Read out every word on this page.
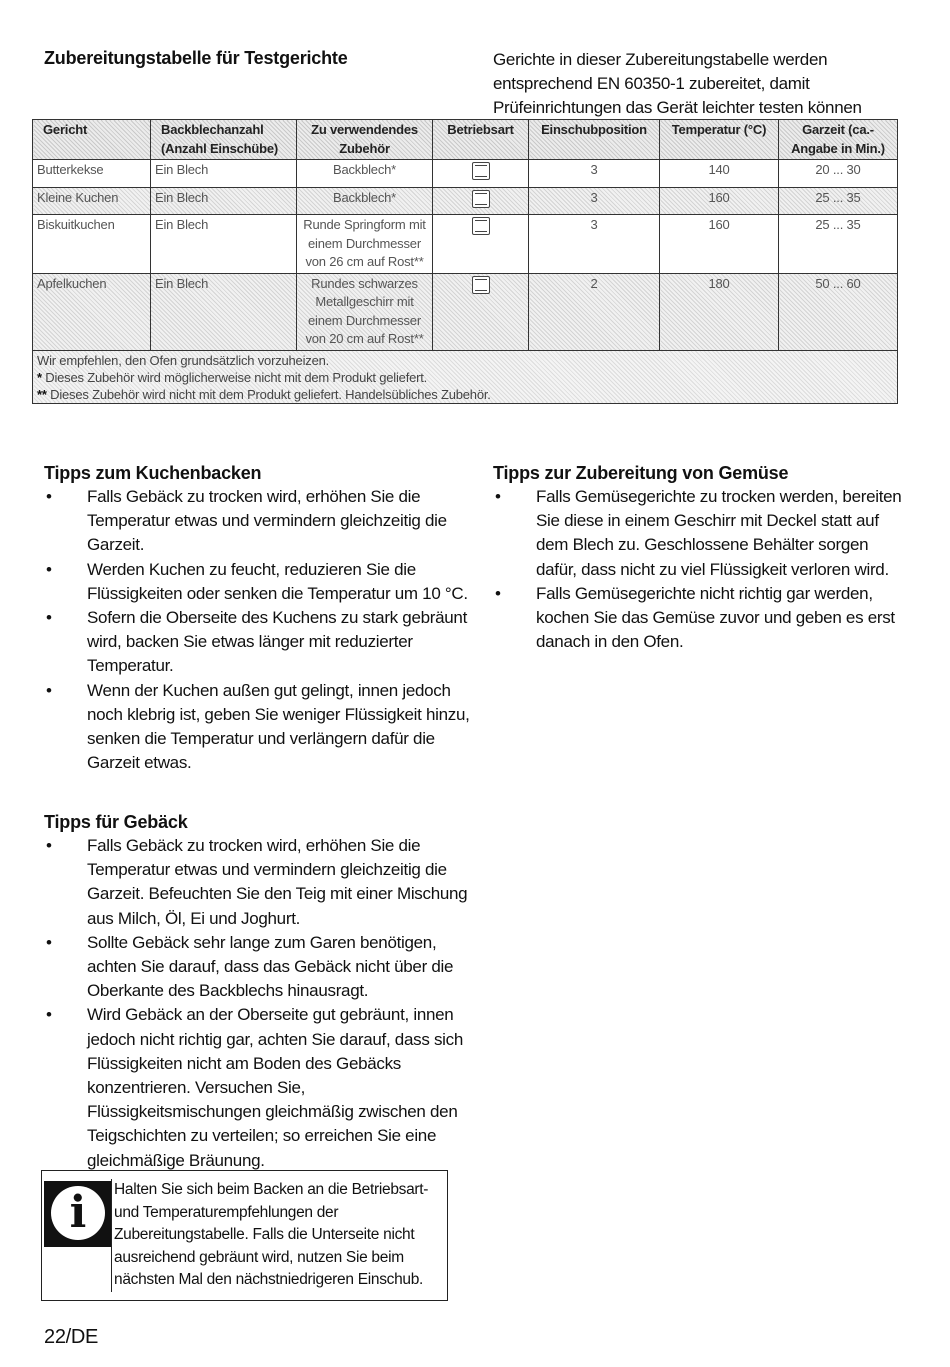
Zubereitungstabelle für Testgerichte	Gerichte in dieser Zubereitungstabelle werden entsprechend EN 60350-1 zubereitet, damit Prüfeinrichtungen das Gerät leichter testen können
Gericht	Backblechanzahl (Anzahl Einschübe)	Zu verwendendes Zubehör	Betriebsart	Einschubposition	Temperatur (°C)	Garzeit (ca.-Angabe in Min.)
Butterkekse	Ein Blech	Backblech*		3	140	20 ... 30
Kleine Kuchen	Ein Blech	Backblech*		3	160	25 ... 35
Biskuitkuchen	Ein Blech	Runde Springform mit einem Durchmesser von 26 cm auf Rost**		3	160	25 ... 35
Apfelkuchen	Ein Blech	Rundes schwarzes Metallgeschirr mit einem Durchmesser von 20 cm auf Rost**		2	180	50 ... 60

Wir empfehlen, den Ofen grundsätzlich vorzuheizen.
* Dieses Zubehör wird möglicherweise nicht mit dem Produkt geliefert.
** Dieses Zubehör wird nicht mit dem Produkt geliefert. Handelsübliches Zubehör.						
Tipps zum Kuchenbacken
• Falls Gebäck zu trocken wird, erhöhen Sie die Temperatur etwas und vermindern gleichzeitig die Garzeit.
• Werden Kuchen zu feucht, reduzieren Sie die Flüssigkeiten oder senken die Temperatur um 10 °C.
• Sofern die Oberseite des Kuchens zu stark gebräunt wird, backen Sie etwas länger mit reduzierter Temperatur.
• Wenn der Kuchen außen gut gelingt, innen jedoch noch klebrig ist, geben Sie weniger Flüssigkeit hinzu, senken die Temperatur und verlängern dafür die Garzeit etwas.
Tipps für Gebäck
• Falls Gebäck zu trocken wird, erhöhen Sie die Temperatur etwas und vermindern gleichzeitig die Garzeit. Befeuchten Sie den Teig mit einer Mischung aus Milch, Öl, Ei und Joghurt.
• Sollte Gebäck sehr lange zum Garen benötigen, achten Sie darauf, dass das Gebäck nicht über die Oberkante des Backblechs hinausragt.
• Wird Gebäck an der Oberseite gut gebräunt, innen jedoch nicht richtig gar, achten Sie darauf, dass sich Flüssigkeiten nicht am Boden des Gebäcks konzentrieren. Versuchen Sie, Flüssigkeitsmischungen gleichmäßig zwischen den Teigschichten zu verteilen; so erreichen Sie eine gleichmäßige Bräunung.
Tipps zur Zubereitung von Gemüse
• Falls Gemüsegerichte zu trocken werden, bereiten Sie diese in einem Geschirr mit Deckel statt auf dem Blech zu. Geschlossene Behälter sorgen dafür, dass nicht zu viel Flüssigkeit verloren wird.
• Falls Gemüsegerichte nicht richtig gar werden, kochen Sie das Gemüse zuvor und geben es erst danach in den Ofen.
i	Halten Sie sich beim Backen an die Betriebsart- und Temperaturempfehlungen der Zubereitungstabelle. Falls die Unterseite nicht ausreichend gebräunt wird, nutzen Sie beim nächsten Mal den nächstniedrigeren Einschub.
22/DE
